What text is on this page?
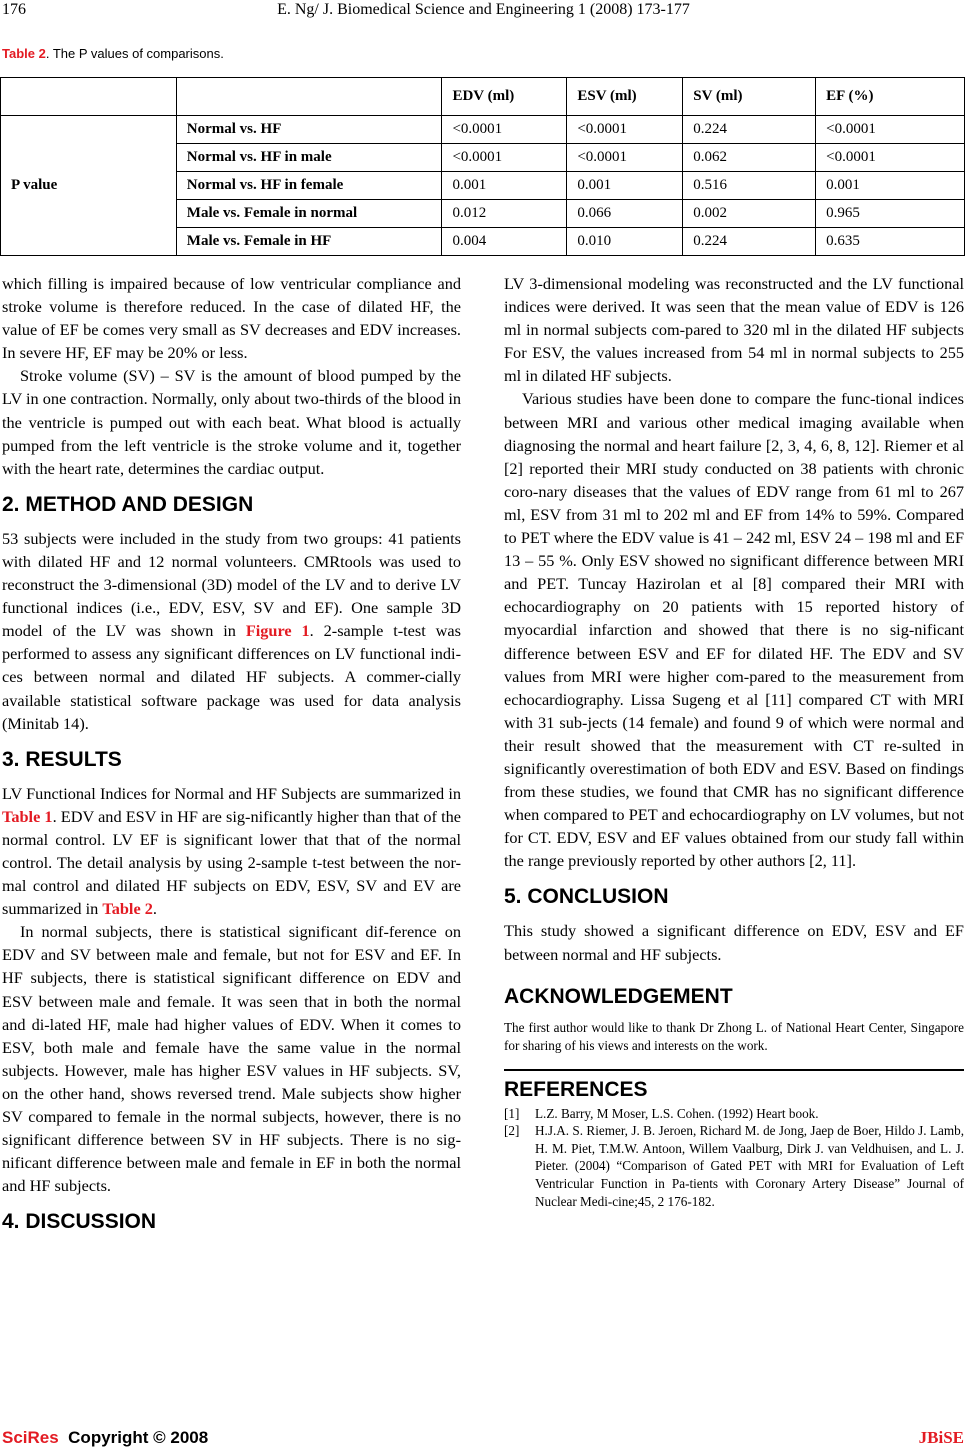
176	E. Ng/ J. Biomedical Science and Engineering 1 (2008) 173-177
Table 2. The P values of comparisons.
		EDV (ml)	ESV (ml)	SV (ml)	EF (%)
P value	Normal vs. HF	<0.0001	<0.0001	0.224	<0.0001
	Normal vs. HF in male	<0.0001	<0.0001	0.062	<0.0001
	Normal vs. HF in female	0.001	0.001	0.516	0.001
	Male vs. Female in normal	0.012	0.066	0.002	0.965
	Male vs. Female in HF	0.004	0.010	0.224	0.635

which filling is impaired because of low ventricular compliance and stroke volume is therefore reduced. In the case of dilated HF, the value of EF be comes very small as SV decreases and EDV increases. In severe HF, EF may be 20% or less.

Stroke volume (SV) – SV is the amount of blood pumped by the LV in one contraction. Normally, only about two-thirds of the blood in the ventricle is pumped out with each beat. What blood is actually pumped from the left ventricle is the stroke volume and it, together with the heart rate, determines the cardiac output.

2. METHOD AND DESIGN

53 subjects were included in the study from two groups: 41 patients with dilated HF and 12 normal volunteers. CMRtools was used to reconstruct the 3-dimensional (3D) model of the LV and to derive LV functional indices (i.e., EDV, ESV, SV and EF). One sample 3D model of the LV was shown in Figure 1. 2-sample t-test was performed to assess any significant differences on LV functional indi-ces between normal and dilated HF subjects. A commer-cially available statistical software package was used for data analysis (Minitab 14).

3. RESULTS

LV Functional Indices for Normal and HF Subjects are summarized in Table 1. EDV and ESV in HF are sig-nificantly higher than that of the normal control. LV EF is significant lower that that of the normal control. The detail analysis by using 2-sample t-test between the nor-mal control and dilated HF subjects on EDV, ESV, SV and EV are summarized in Table 2.

In normal subjects, there is statistical significant dif-ference on EDV and SV between male and female, but not for ESV and EF. In HF subjects, there is statistical significant difference on EDV and ESV between male and female. It was seen that in both the normal and di-lated HF, male had higher values of EDV. When it comes to ESV, both male and female have the same value in the normal subjects. However, male has higher ESV values in HF subjects. SV, on the other hand, shows reversed trend. Male subjects show higher SV compared to female in the normal subjects, however, there is no significant difference between SV in HF subjects. There is no sig-nificant difference between male and female in EF in both the normal and HF subjects.

4. DISCUSSION

LV 3-dimensional modeling was reconstructed and the LV functional indices were derived. It was seen that the mean value of EDV is 126 ml in normal subjects com-pared to 320 ml in the dilated HF subjects For ESV, the values increased from 54 ml in normal subjects to 255 ml in dilated HF subjects.

Various studies have been done to compare the func-tional indices between MRI and various other medical imaging available when diagnosing the normal and heart failure [2, 3, 4, 6, 8, 12]. Riemer et al [2] reported their MRI study conducted on 38 patients with chronic coro-nary diseases that the values of EDV range from 61 ml to 267 ml, ESV from 31 ml to 202 ml and EF from 14% to 59%. Compared to PET where the EDV value is 41 – 242 ml, ESV 24 – 198 ml and EF 13 – 55 %. Only ESV showed no significant difference between MRI and PET. Tuncay Hazirolan et al [8] compared their MRI with echocardiography on 20 patients with 15 reported history of myocardial infarction and showed that there is no sig-nificant difference between ESV and EF for dilated HF. The EDV and SV values from MRI were higher com-pared to the measurement from echocardiography. Lissa Sugeng et al [11] compared CT with MRI with 31 sub-jects (14 female) and found 9 of which were normal and their result showed that the measurement with CT re-sulted in significantly overestimation of both EDV and ESV. Based on findings from these studies, we found that CMR has no significant difference when compared to PET and echocardiography on LV volumes, but not for CT. EDV, ESV and EF values obtained from our study fall within the range previously reported by other authors [2, 11].

5. CONCLUSION

This study showed a significant difference on EDV, ESV and EF between normal and HF subjects.

ACKNOWLEDGEMENT

The first author would like to thank Dr Zhong L. of National Heart Center, Singapore for sharing of his views and interests on the work.

REFERENCES
[1] L.Z. Barry, M Moser, L.S. Cohen. (1992) Heart book.
[2] H.J.A. S. Riemer, J. B. Jeroen, Richard M. de Jong, Jaep de Boer, Hildo J. Lamb, H. M. Piet, T.M.W. Antoon, Willem Vaalburg, Dirk J. van Veldhuisen, and L. J. Pieter. (2004) “Comparison of Gated PET with MRI for Evaluation of Left Ventricular Function in Pa-tients with Coronary Artery Disease” Journal of Nuclear Medi-cine;45, 2 176-182.
SciRes Copyright © 2008	JBiSE
